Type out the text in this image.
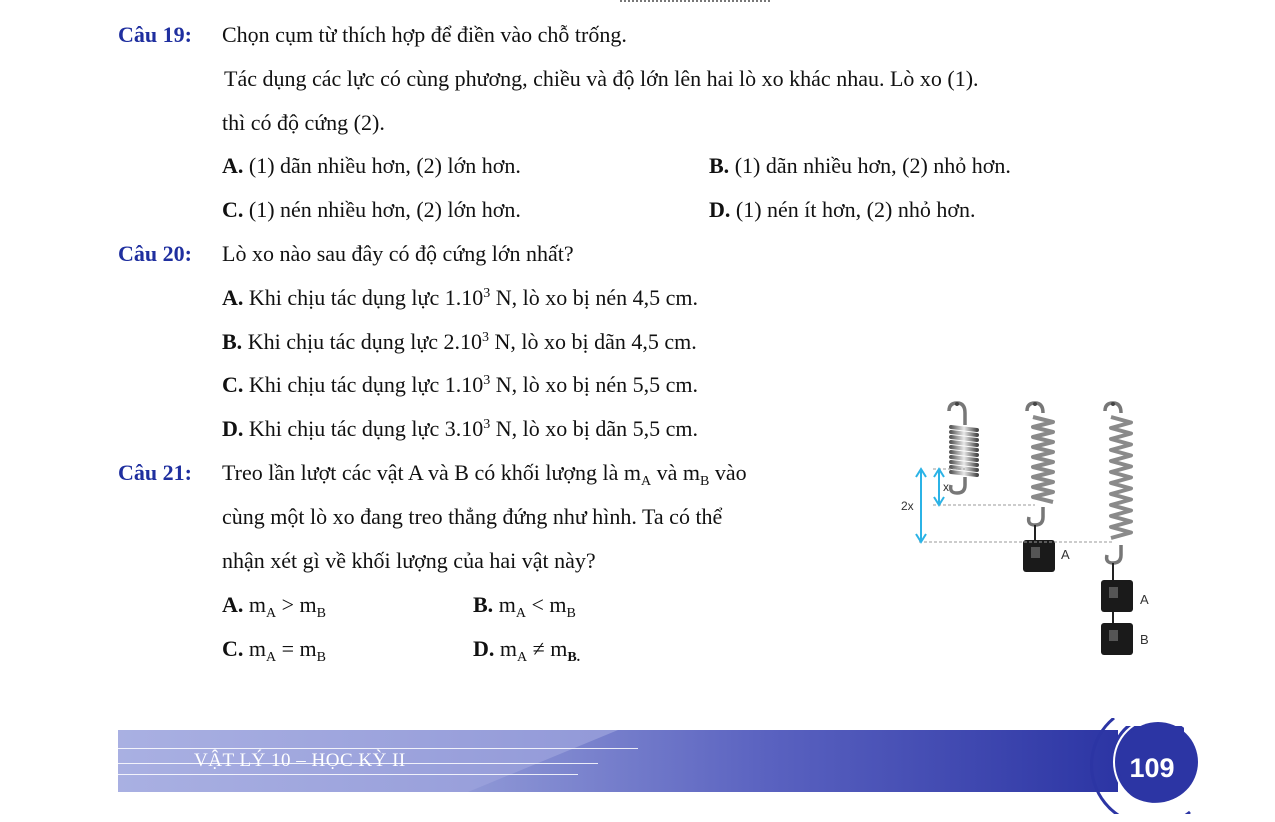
Câu 19: Chọn cụm từ thích hợp để điền vào chỗ trống.
Tác dụng các lực có cùng phương, chiều và độ lớn lên hai lò xo khác nhau. Lò xo (1).
thì có độ cứng (2).
A. (1) dãn nhiều hơn, (2) lớn hơn.	B. (1) dãn nhiều hơn, (2) nhỏ hơn.
C. (1) nén nhiều hơn, (2) lớn hơn.	D. (1) nén ít hơn, (2) nhỏ hơn.
Câu 20: Lò xo nào sau đây có độ cứng lớn nhất?
A. Khi chịu tác dụng lực 1.10$^3$ N, lò xo bị nén 4,5 cm.
B. Khi chịu tác dụng lực 2.10$^3$ N, lò xo bị dãn 4,5 cm.
C. Khi chịu tác dụng lực 1.10$^3$ N, lò xo bị nén 5,5 cm.
D. Khi chịu tác dụng lực 3.10$^3$ N, lò xo bị dãn 5,5 cm.
Câu 21: Treo lần lượt các vật A và B có khối lượng là $m_A$ và $m_B$ vào
cùng một lò xo đang treo thẳng đứng như hình. Ta có thể
nhận xét gì về khối lượng của hai vật này?
A. $m_A > m_B$	B. $m_A < m_B$
C. $m_A = m_B$	D. $m_A \ne m_{B.}$
x
2x
A
A
B
VẬT LÝ 10 – HỌC KỲ II	109
